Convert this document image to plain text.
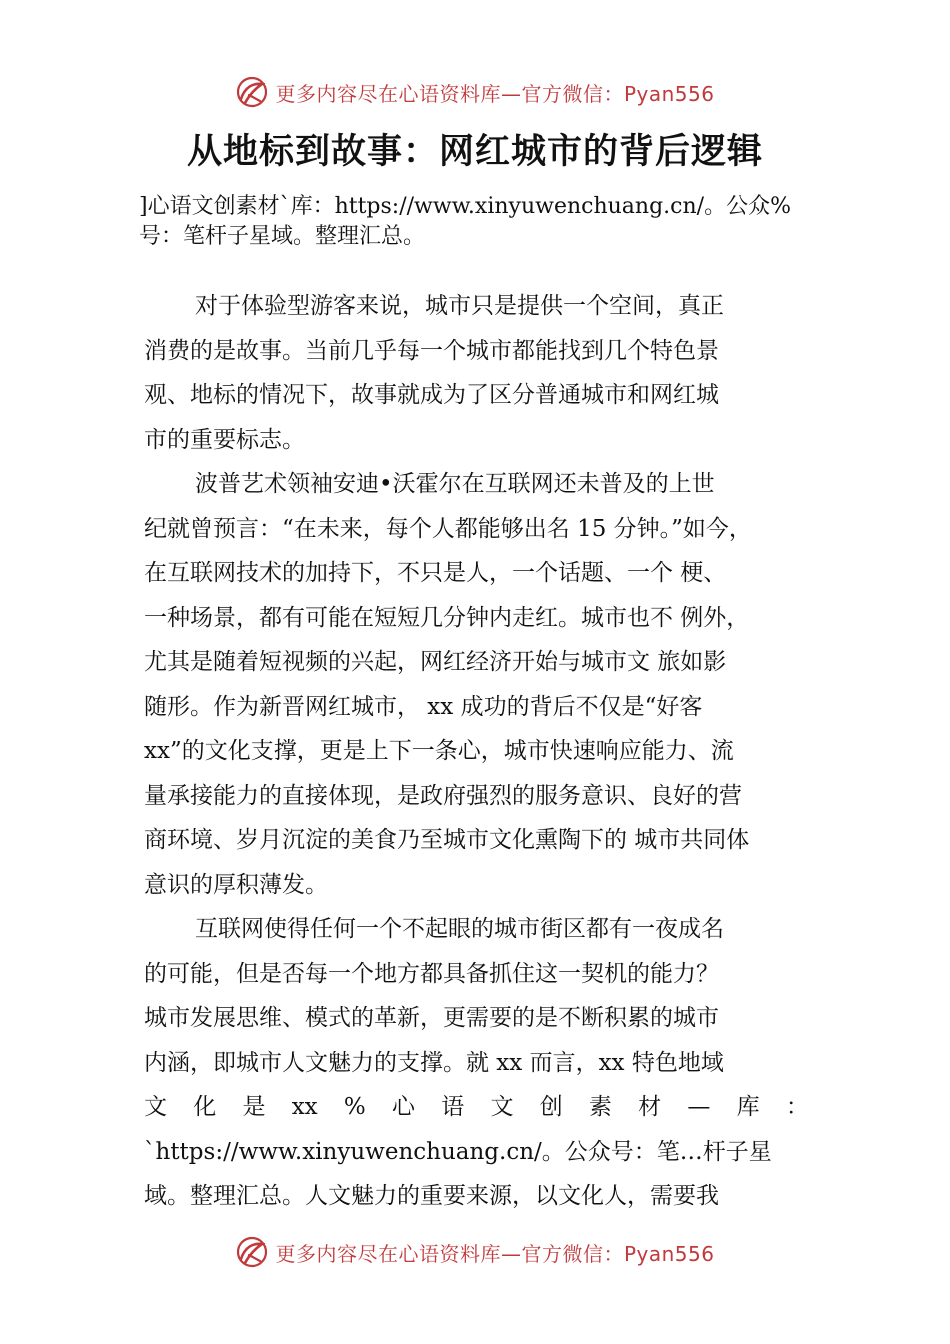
更多内容尽在心语资料库—官方微信：Pyan556
从地标到故事：网红城市的背后逻辑
]心语文创素材`库：https://www.xinyuwenchuang.cn/。公众%
号：笔杆子星域。整理汇总。
对于体验型游客来说，城市只是提供一个空间，真正
消费的是故事。当前几乎每一个城市都能找到几个特色景
观、地标的情况下，故事就成为了区分普通城市和网红城
市的重要标志。
波普艺术领袖安迪•沃霍尔在互联网还未普及的上世
纪就曾预言：“在未来，每个人都能够出名 15 分钟。”如今，
在互联网技术的加持下，不只是人，一个话题、一个 梗、
一种场景，都有可能在短短几分钟内走红。城市也不 例外，
尤其是随着短视频的兴起，网红经济开始与城市文 旅如影
随形。作为新晋网红城市， xx 成功的背后不仅是“好客
xx”的文化支撑，更是上下一条心，城市快速响应能力、流
量承接能力的直接体现，是政府强烈的服务意识、良好的营
商环境、岁月沉淀的美食乃至城市文化熏陶下的 城市共同体
意识的厚积薄发。
互联网使得任何一个不起眼的城市街区都有一夜成名
的可能，但是否每一个地方都具备抓住这一契机的能力？
城市发展思维、模式的革新，更需要的是不断积累的城市
内涵，即城市人文魅力的支撑。就 xx 而言，xx 特色地域
文 化 是 xx % 心 语 文 创 素 材 — 库 ：
`https://www.xinyuwenchuang.cn/。公众号：笔…杆子星
域。整理汇总。人文魅力的重要来源，以文化人，需要我
更多内容尽在心语资料库—官方微信：Pyan556
